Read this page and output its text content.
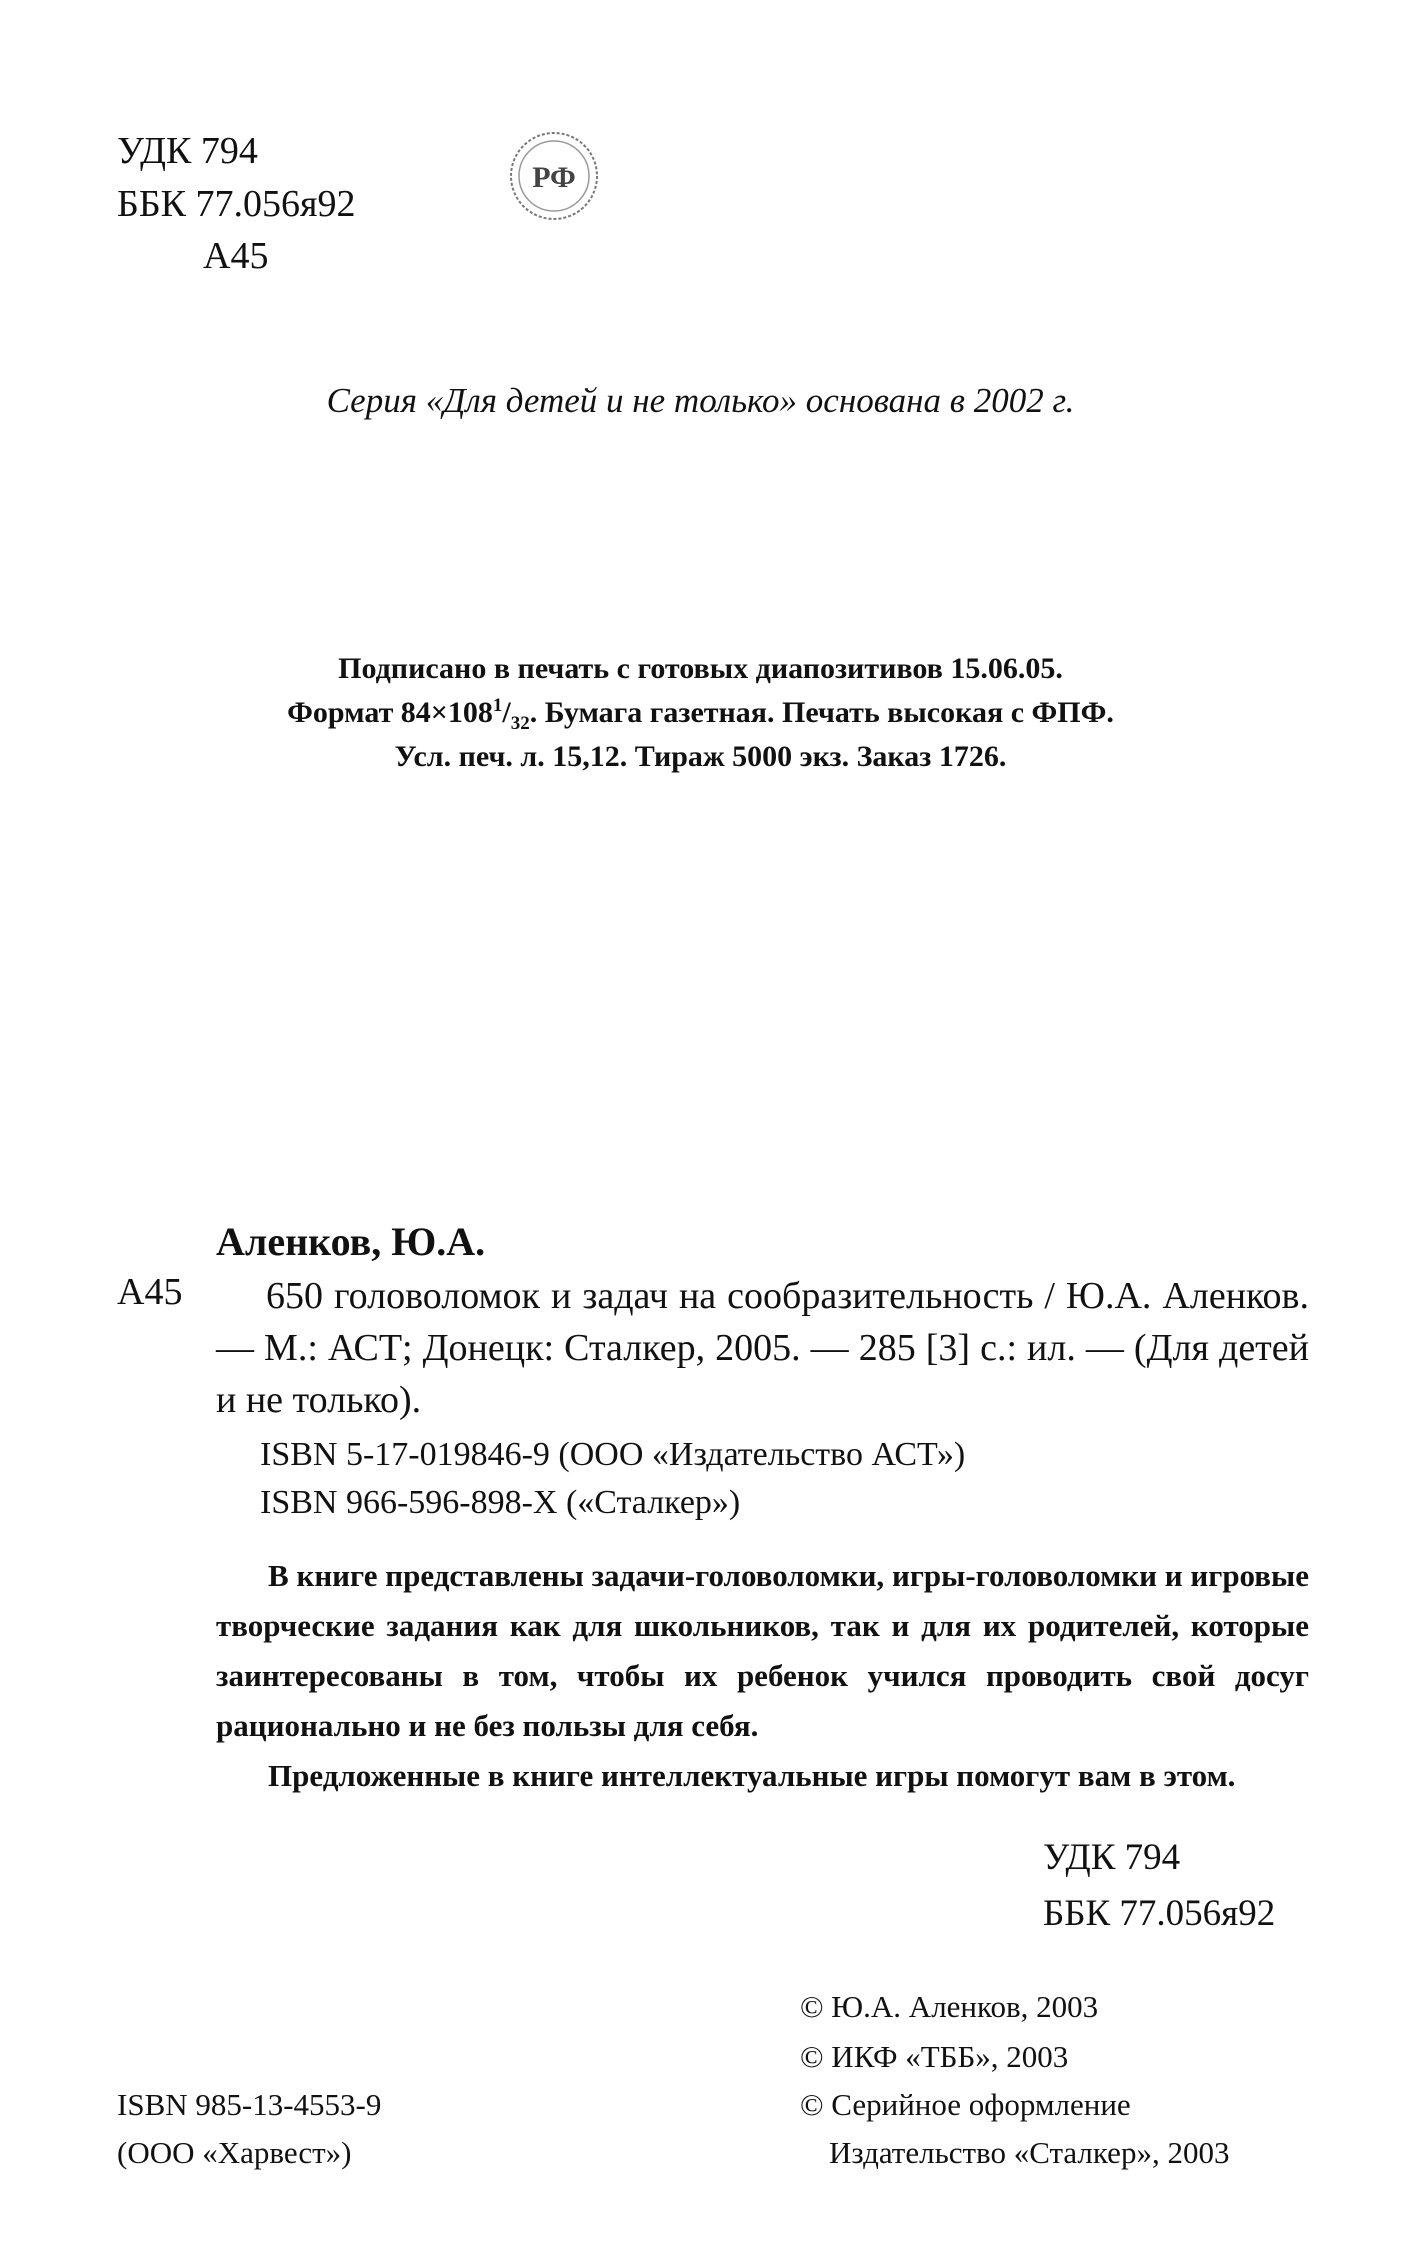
УДК 794
ББК 77.056я92
А45
РФ
Серия «Для детей и не только» основана в 2002 г.
Подписано в печать с готовых диапозитивов 15.06.05.
Формат $84\times 108^1/_{32}$. Бумага газетная. Печать высокая с ФПФ.
Усл. печ. л. 15,12. Тираж 5000 экз. Заказ 1726.
Аленков, Ю.А.
А45	650 головоломок и задач на сообразительность / Ю.А. Аленков. — М.: АСТ; Донецк: Сталкер, 2005. — 285 [3] с.: ил. — (Для детей и не только).
ISBN 5-17-019846-9 (ООО «Издательство АСТ»)
ISBN 966-596-898-X («Сталкер»)

В книге представлены задачи-головоломки, игры-головоломки и игровые творческие задания как для школьников, так и для их родителей, которые заинтересованы в том, чтобы их ребенок учился проводить свой досуг рационально и не без пользы для себя.

Предложенные в книге интеллектуальные игры помогут вам в этом.

УДК 794
ББК 77.056я92
© Ю.А. Аленков, 2003
© ИКФ «ТББ», 2003
© Серийное оформление
Издательство «Сталкер», 2003
ISBN 985-13-4553-9
(ООО «Харвест»)
